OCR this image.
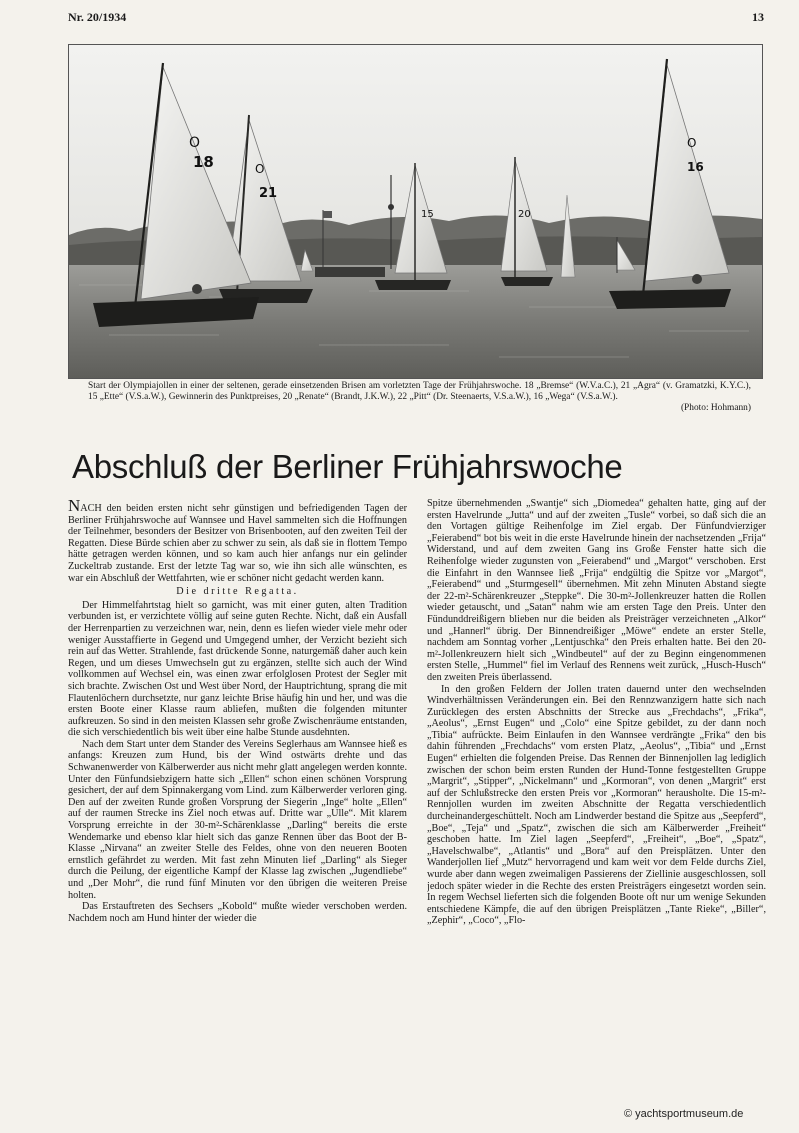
Nr. 20/1934	13
15	20
O
21
O
18
O
16
Start der Olympiajollen in einer der seltenen, gerade einsetzenden Brisen am vorletzten Tage der Frühjahrswoche. 18 „Bremse“ (W.V.a.C.), 21 „Agra“ (v. Gramatzki, K.Y.C.), 15 „Ette“ (V.S.a.W.), Gewinnerin des Punktpreises, 20 „Renate“ (Brandt, J.K.W.), 22 „Pitt“ (Dr. Steenaerts, V.S.a.W.), 16 „Wega“ (V.S.a.W.).
(Photo: Hohmann)
Abschluß der Berliner Frühjahrswoche

NACH den beiden ersten nicht sehr günstigen und befriedigenden Tagen der Berliner Frühjahrswoche auf Wannsee und Havel sammelten sich die Hoffnungen der Teilnehmer, besonders der Besitzer von Brisenbooten, auf den zweiten Teil der Regatten. Diese Bürde schien aber zu schwer zu sein, als daß sie in flottem Tempo hätte getragen werden können, und so kam auch hier anfangs nur ein gelinder Zuckeltrab zustande. Erst der letzte Tag war so, wie ihn sich alle wünschten, es war ein Abschluß der Wettfahrten, wie er schöner nicht gedacht werden kann.

Die dritte Regatta.

Der Himmelfahrtstag hielt so garnicht, was mit einer guten, alten Tradition verbunden ist, er verzichtete völlig auf seine guten Rechte. Nicht, daß ein Ausfall der Herrenpartien zu verzeichnen war, nein, denn es liefen wieder viele mehr oder weniger Ausstaffierte in Gegend und Umgegend umher, der Verzicht bezieht sich rein auf das Wetter. Strahlende, fast drückende Sonne, naturgemäß daher auch kein Regen, und um dieses Umwechseln gut zu ergänzen, stellte sich auch der Wind vollkommen auf Wechsel ein, was einen zwar erfolglosen Protest der Segler mit sich brachte. Zwischen Ost und West über Nord, der Hauptrichtung, sprang die mit Flautenlöchern durchsetzte, nur ganz leichte Brise häufig hin und her, und was die ersten Boote einer Klasse raum abliefen, mußten die folgenden mitunter aufkreuzen. So sind in den meisten Klassen sehr große Zwischenräume entstanden, die sich verschiedentlich bis weit über eine halbe Stunde ausdehnten.

Nach dem Start unter dem Stander des Vereins Seglerhaus am Wannsee hieß es anfangs: Kreuzen zum Hund, bis der Wind ostwärts drehte und das Schwanenwerder von Kälberwerder aus nicht mehr glatt angelegen werden konnte. Unter den Fünfundsiebzigern hatte sich „Ellen“ schon einen schönen Vorsprung gesichert, der auf dem Spinnakergang vom Lind. zum Kälberwerder verloren ging. Den auf der zweiten Runde großen Vorsprung der Siegerin „Inge“ holte „Ellen“ auf der raumen Strecke ins Ziel noch etwas auf. Dritte war „Ulle“. Mit klarem Vorsprung erreichte in der 30-m²-Schärenklasse „Darling“ bereits die erste Wendemarke und ebenso klar hielt sich das ganze Rennen über das Boot der B-Klasse „Nirvana“ an zweiter Stelle des Feldes, ohne von den neueren Booten ernstlich gefährdet zu werden. Mit fast zehn Minuten lief „Darling“ als Sieger durch die Peilung, der eigentliche Kampf der Klasse lag zwischen „Jugendliebe“ und „Der Mohr“, die rund fünf Minuten vor den übrigen die weiteren Preise holten.

Das Erstauftreten des Sechsers „Kobold“ mußte wieder verschoben werden. Nachdem noch am Hund hinter der wieder die

Spitze übernehmenden „Swantje“ sich „Diomedea“ gehalten hatte, ging auf der ersten Havelrunde „Jutta“ und auf der zweiten „Tusle“ vorbei, so daß sich die an den Vortagen gültige Reihenfolge im Ziel ergab. Der Fünfundvierziger „Feierabend“ bot bis weit in die erste Havelrunde hinein der nachsetzenden „Frija“ Widerstand, und auf dem zweiten Gang ins Große Fenster hatte sich die Reihenfolge wieder zugunsten von „Feierabend“ und „Margot“ verschoben. Erst die Einfahrt in den Wannsee ließ „Frija“ endgültig die Spitze vor „Margot“, „Feierabend“ und „Sturmgesell“ übernehmen. Mit zehn Minuten Abstand siegte der 22-m²-Schärenkreuzer „Steppke“. Die 30-m²-Jollenkreuzer hatten die Rollen wieder getauscht, und „Satan“ nahm wie am ersten Tage den Preis. Unter den Fündunddreißigern blieben nur die beiden als Preisträger verzeichneten „Alkor“ und „Hannerl“ übrig. Der Binnendreißiger „Möwe“ endete an erster Stelle, nachdem am Sonntag vorher „Lentjuschka“ den Preis erhalten hatte. Bei den 20-m²-Jollenkreuzern hielt sich „Windbeutel“ auf der zu Beginn eingenommenen ersten Stelle, „Hummel“ fiel im Verlauf des Rennens weit zurück, „Husch-Husch“ den zweiten Preis überlassend.

In den großen Feldern der Jollen traten dauernd unter den wechselnden Windverhältnissen Veränderungen ein. Bei den Rennzwanzigern hatte sich nach Zurücklegen des ersten Abschnitts der Strecke aus „Frechdachs“, „Frika“, „Aeolus“, „Ernst Eugen“ und „Colo“ eine Spitze gebildet, zu der dann noch „Tibia“ aufrückte. Beim Einlaufen in den Wannsee verdrängte „Frika“ den bis dahin führenden „Frechdachs“ vom ersten Platz, „Aeolus“, „Tibia“ und „Ernst Eugen“ erhielten die folgenden Preise. Das Rennen der Binnenjollen lag lediglich zwischen der schon beim ersten Runden der Hund-Tonne festgestellten Gruppe „Margrit“, „Stipper“, „Nickelmann“ und „Kormoran“, von denen „Margrit“ erst auf der Schlußstrecke den ersten Preis vor „Kormoran“ herausholte. Die 15-m²-Rennjollen wurden im zweiten Abschnitte der Regatta verschiedentlich durcheinandergeschüttelt. Noch am Lindwerder bestand die Spitze aus „Seepferd“, „Boe“, „Teja“ und „Spatz“, zwischen die sich am Kälberwerder „Freiheit“ geschoben hatte. Im Ziel lagen „Seepferd“, „Freiheit“, „Boe“, „Spatz“, „Havelschwalbe“, „Atlantis“ und „Bora“ auf den Preisplätzen. Unter den Wanderjollen lief „Mutz“ hervorragend und kam weit vor dem Felde durchs Ziel, wurde aber dann wegen zweimaligen Passierens der Ziellinie ausgeschlossen, soll jedoch später wieder in die Rechte des ersten Preisträgers eingesetzt worden sein. In regem Wechsel lieferten sich die folgenden Boote oft nur um wenige Sekunden entschiedene Kämpfe, die auf den übrigen Preisplätzen „Tante Rieke“, „Biller“, „Zephir“, „Coco“, „Flo-

© yachtsportmuseum.de
